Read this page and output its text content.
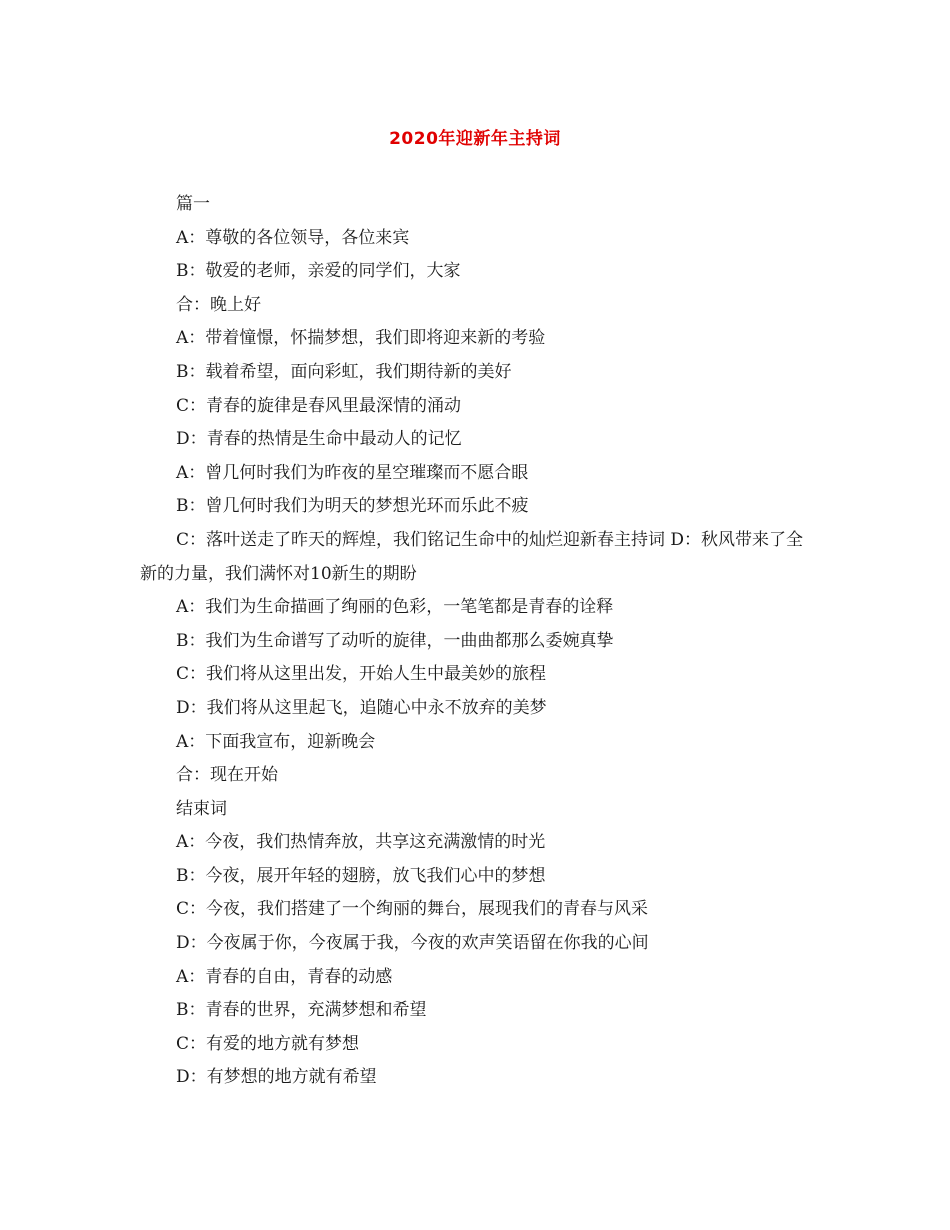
2020年迎新年主持词

篇一

A：尊敬的各位领导，各位来宾

B：敬爱的老师，亲爱的同学们，大家

合：晚上好

A：带着憧憬，怀揣梦想，我们即将迎来新的考验

B：载着希望，面向彩虹，我们期待新的美好

C：青春的旋律是春风里最深情的涌动

D：青春的热情是生命中最动人的记忆

A：曾几何时我们为昨夜的星空璀璨而不愿合眼

B：曾几何时我们为明天的梦想光环而乐此不疲

C：落叶送走了昨天的辉煌，我们铭记生命中的灿烂迎新春主持词 D：秋风带来了全新的力量，我们满怀对10新生的期盼

A：我们为生命描画了绚丽的色彩，一笔笔都是青春的诠释

B：我们为生命谱写了动听的旋律，一曲曲都那么委婉真挚

C：我们将从这里出发，开始人生中最美妙的旅程

D：我们将从这里起飞，追随心中永不放弃的美梦

A：下面我宣布，迎新晚会

合：现在开始

结束词

A：今夜，我们热情奔放，共享这充满激情的时光

B：今夜，展开年轻的翅膀，放飞我们心中的梦想

C：今夜，我们搭建了一个绚丽的舞台，展现我们的青春与风采

D：今夜属于你，今夜属于我，今夜的欢声笑语留在你我的心间

A：青春的自由，青春的动感

B：青春的世界，充满梦想和希望

C：有爱的地方就有梦想

D：有梦想的地方就有希望
